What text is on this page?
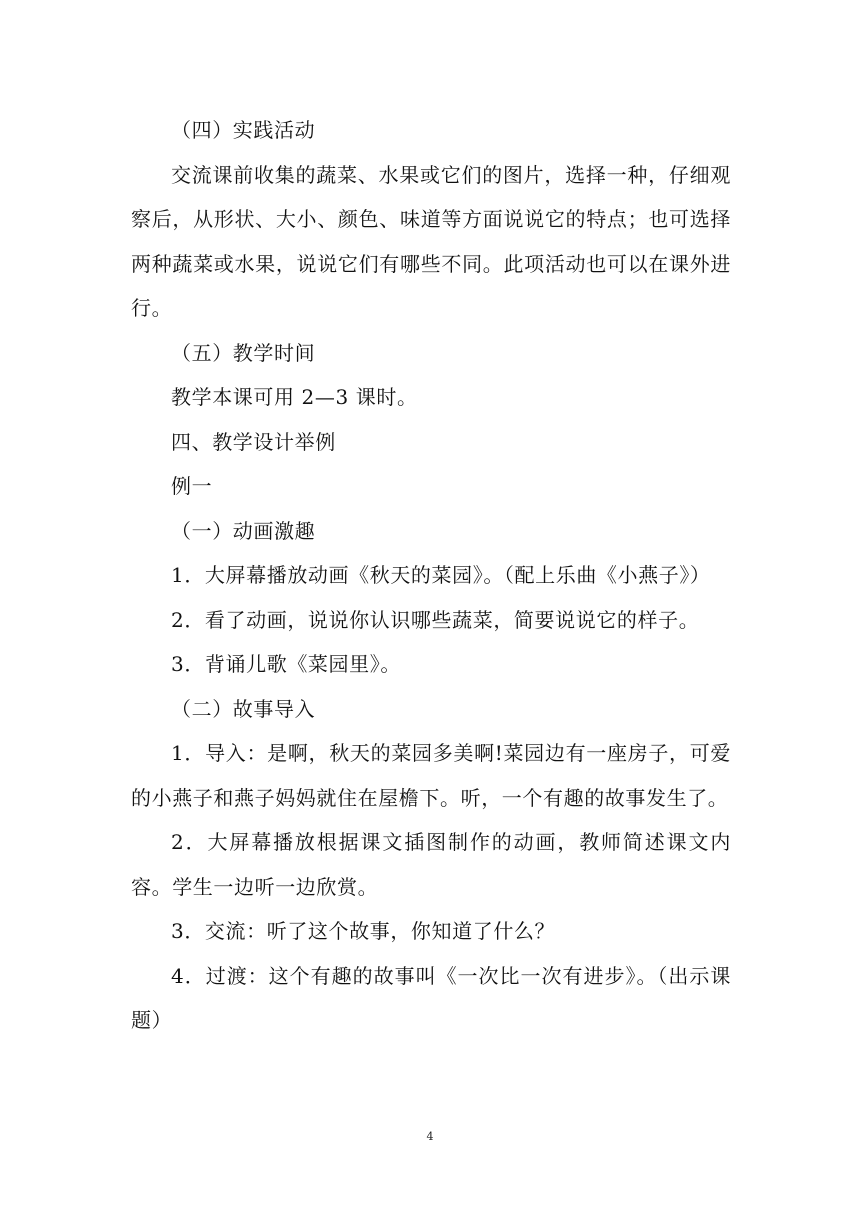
（四）实践活动

交流课前收集的蔬菜、水果或它们的图片，选择一种，仔细观察后，从形状、大小、颜色、味道等方面说说它的特点；也可选择两种蔬菜或水果，说说它们有哪些不同。此项活动也可以在课外进行。

（五）教学时间

教学本课可用 2—3 课时。

四、教学设计举例

例一

（一）动画激趣

1．大屏幕播放动画《秋天的菜园》。（配上乐曲《小燕子》）

2．看了动画，说说你认识哪些蔬菜，简要说说它的样子。

3．背诵儿歌《菜园里》。

（二）故事导入

1．导入：是啊，秋天的菜园多美啊!菜园边有一座房子，可爱的小燕子和燕子妈妈就住在屋檐下。听，一个有趣的故事发生了。

2．大屏幕播放根据课文插图制作的动画，教师简述课文内容。学生一边听一边欣赏。

3．交流：听了这个故事，你知道了什么？

4．过渡：这个有趣的故事叫《一次比一次有进步》。（出示课题）

4
